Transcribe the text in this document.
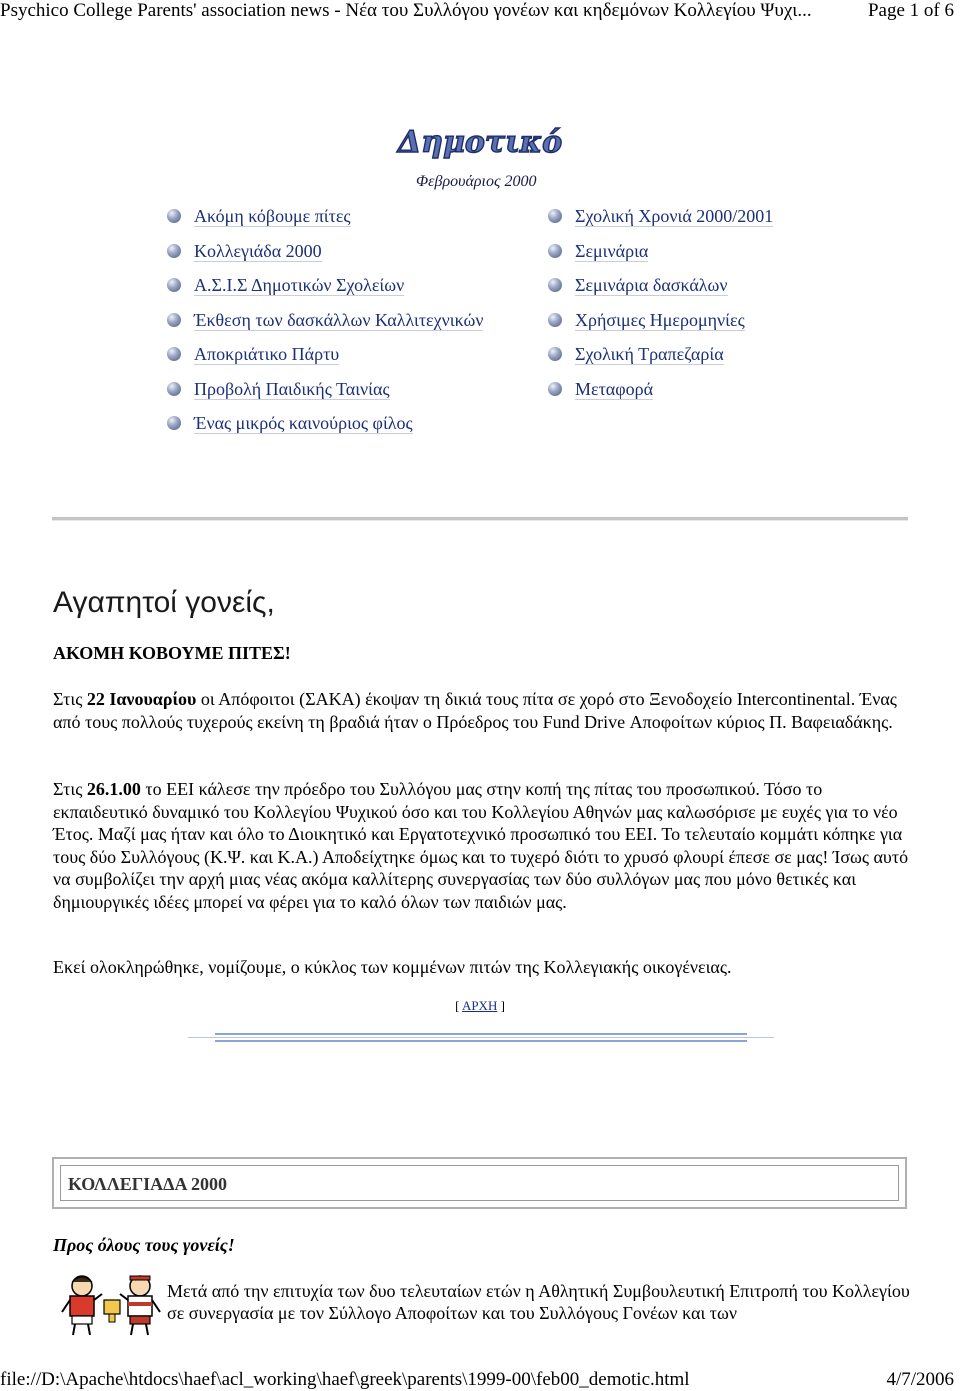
Psychico College Parents' association news - Νέα του Συλλόγου γονέων και κηδεμόνων Κολλεγίου Ψυχι...	Page 1 of 6
Δημοτικό
Φεβρουάριος 2000
Ακόμη κόβουμε πίτες
Κολλεγιάδα 2000
Α.Σ.Ι.Σ Δημοτικών Σχολείων
Έκθεση των δασκάλλων Καλλιτεχνικών
Αποκριάτικο Πάρτυ
Προβολή Παιδικής Ταινίας
Ένας μικρός καινούριος φίλος
Σχολική Χρονιά 2000/2001
Σεμινάρια
Σεμινάρια δασκάλων
Χρήσιμες Ημερομηνίες
Σχολική Τραπεζαρία
Μεταφορά
Αγαπητοί γονείς,
ΑΚΟΜΗ ΚΟΒΟΥΜΕ ΠΙΤΕΣ!
Στις 22 Ιανουαρίου οι Απόφοιτοι (ΣΑΚΑ) έκοψαν τη δικιά τους πίτα σε χορό στο Ξενοδοχείο Intercontinental. Ένας από τους πολλούς τυχερούς εκείνη τη βραδιά ήταν ο Πρόεδρος του Fund Drive Αποφοίτων κύριος Π. Βαφειαδάκης.
Στις 26.1.00 το ΕΕΙ κάλεσε την πρόεδρο του Συλλόγου μας στην κοπή της πίτας του προσωπικού. Τόσο το εκπαιδευτικό δυναμικό του Κολλεγίου Ψυχικού όσο και του Κολλεγίου Αθηνών μας καλωσόρισε με ευχές για το νέο Έτος. Μαζί μας ήταν και όλο το Διοικητικό και Εργατοτεχνικό προσωπικό του ΕΕΙ. Το τελευταίο κομμάτι κόπηκε για τους δύο Συλλόγους (Κ.Ψ. και Κ.Α.) Αποδείχτηκε όμως και το τυχερό διότι το χρυσό φλουρί έπεσε σε μας! Ίσως αυτό να συμβολίζει την αρχή μιας νέας ακόμα καλλίτερης συνεργασίας των δύο συλλόγων μας που μόνο θετικές και δημιουργικές ιδέες μπορεί να φέρει για το καλό όλων των παιδιών μας.
Εκεί ολοκληρώθηκε, νομίζουμε, ο κύκλος των κομμένων πιτών της Κολλεγιακής οικογένειας.
[ ΑΡΧΗ ]
ΚΟΛΛΕΓΙΑΔΑ 2000
Προς όλους τους γονείς!
Μετά από την επιτυχία των δυο τελευταίων ετών η Αθλητική Συμβουλευτική Επιτροπή του Κολλεγίου σε συνεργασία με τον Σύλλογο Αποφοίτων και του Συλλόγους Γονέων και των
file://D:\Apache\htdocs\haef\acl_working\haef\greek\parents\1999-00\feb00_demotic.html	4/7/2006
